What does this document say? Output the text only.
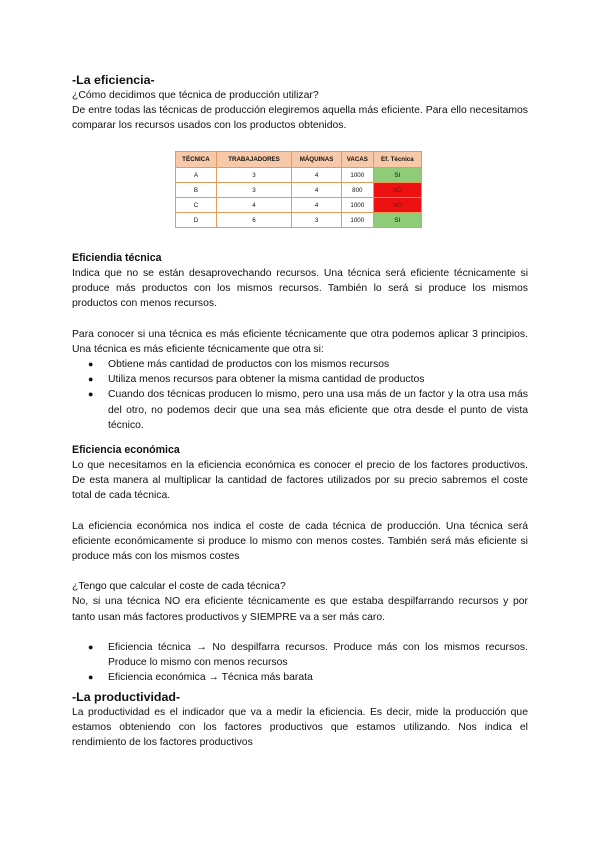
-La eficiencia-

¿Cómo decidimos que técnica de producción utilizar?

De entre todas las técnicas de producción elegiremos aquella más eficiente. Para ello necesitamos comparar los recursos usados con los productos obtenidos.

TÉCNICA	TRABAJADORES	MÁQUINAS	VACAS	Ef. Técnica
A	3	4	1000	SI
B	3	4	800	NO
C	4	4	1000	NO
D	6	3	1000	SI

Eficiendia técnica

Indica que no se están desaprovechando recursos. Una técnica será eficiente técnicamente si produce más productos con los mismos recursos. También lo será si produce los mismos productos con menos recursos.

Para conocer si una técnica es más eficiente técnicamente que otra podemos aplicar 3 principios. Una técnica es más eficiente técnicamente que otra si:

● Obtiene más cantidad de productos con los mismos recursos
● Utiliza menos recursos para obtener la misma cantidad de productos
● Cuando dos técnicas producen lo mismo, pero una usa más de un factor y la otra usa más del otro, no podemos decir que una sea más eficiente que otra desde el punto de vista técnico.

Eficiencia económica

Lo que necesitamos en la eficiencia económica es conocer el precio de los factores productivos. De esta manera al multiplicar la cantidad de factores utilizados por su precio sabremos el coste total de cada técnica.

La eficiencia económica nos indica el coste de cada técnica de producción. Una técnica será eficiente económicamente si produce lo mismo con menos costes. También será más eficiente si produce más con los mismos costes

¿Tengo que calcular el coste de cada técnica?

No, si una técnica NO era eficiente técnicamente es que estaba despilfarrando recursos y por tanto usan más factores productivos y SIEMPRE va a ser más caro.

● Eficiencia técnica → No despilfarra recursos. Produce más con los mismos recursos. Produce lo mismo con menos recursos
● Eficiencia económica → Técnica más barata

-La productividad-

La productividad es el indicador que va a medir la eficiencia. Es decir, mide la producción que estamos obteniendo con los factores productivos que estamos utilizando. Nos indica el rendimiento de los factores productivos
